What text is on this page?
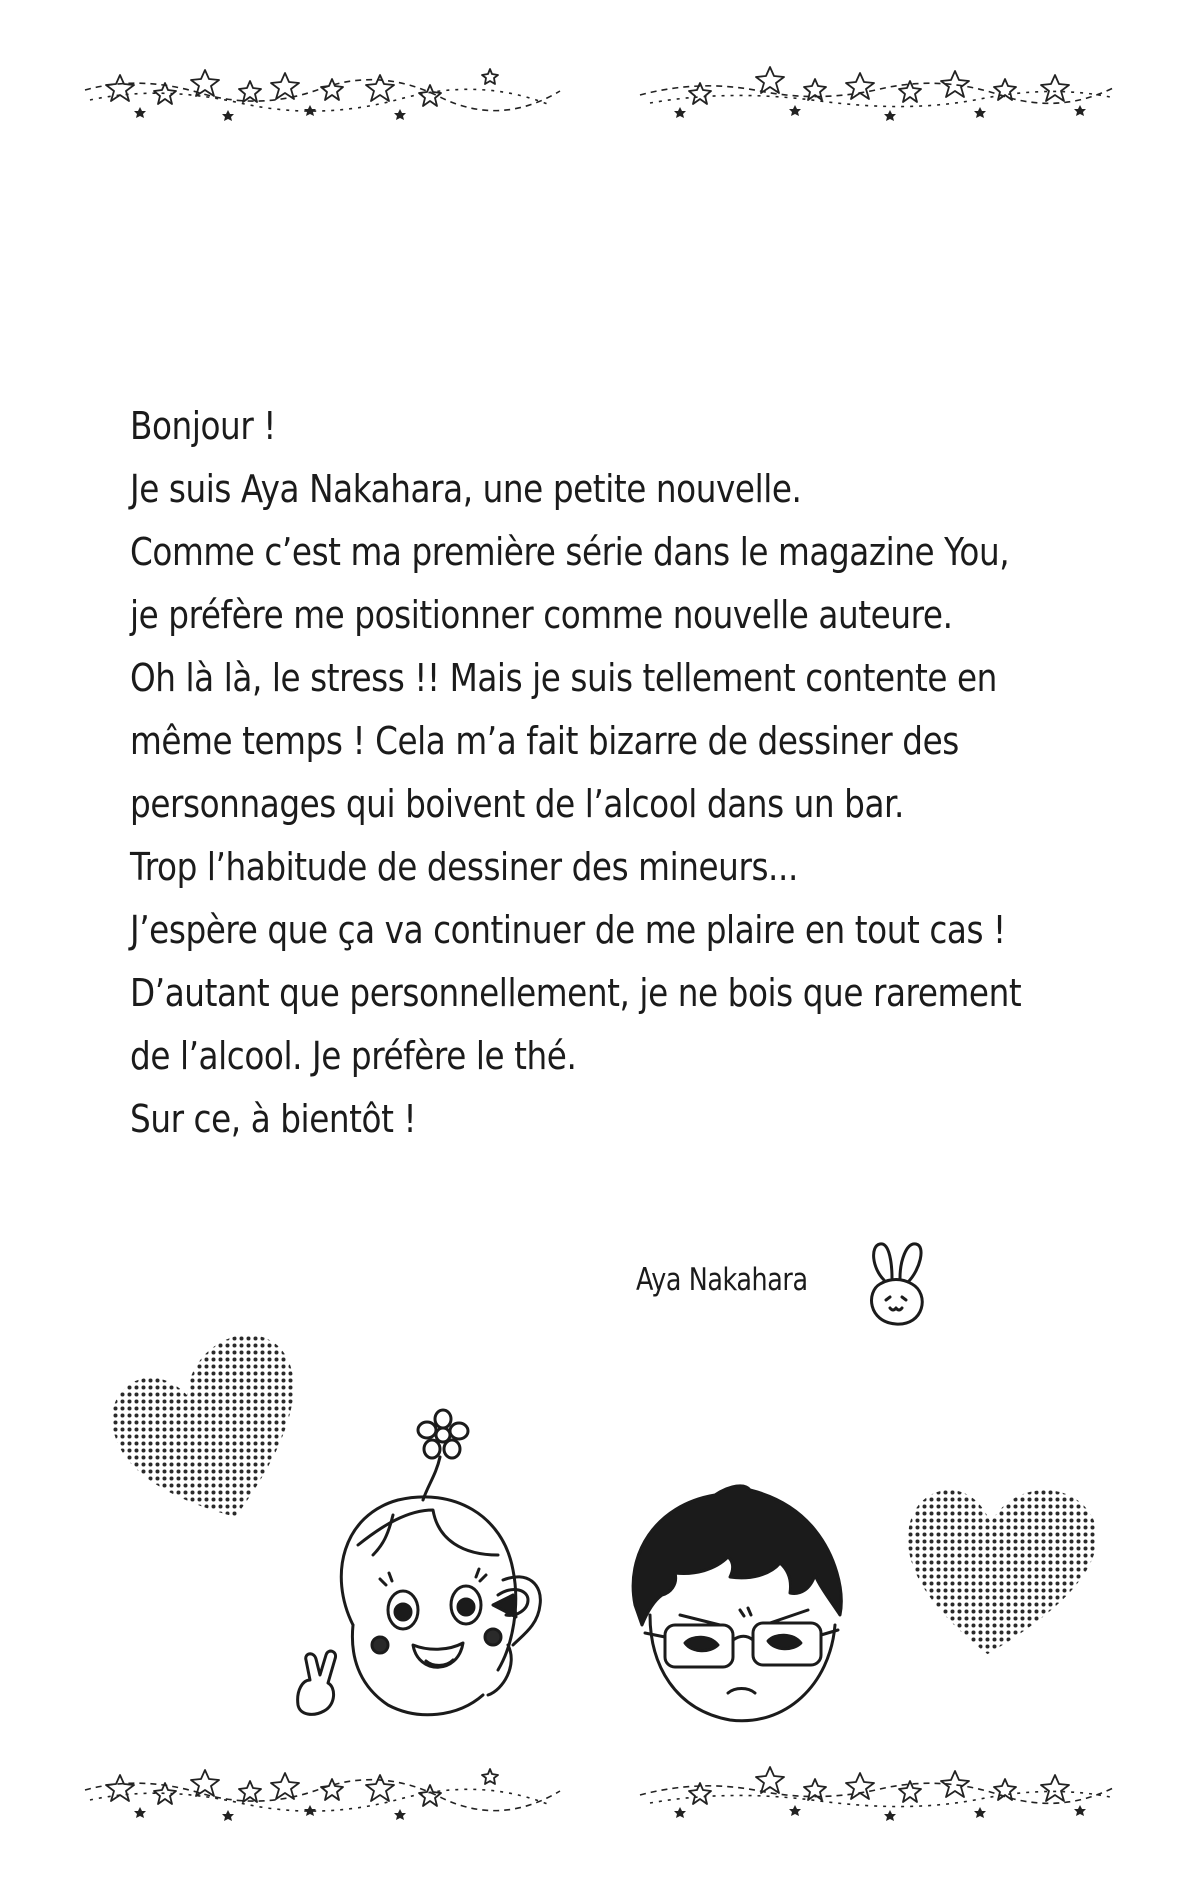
Bonjour !
Je suis Aya Nakahara, une petite nouvelle.
Comme c’est ma première série dans le magazine You,
je préfère me positionner comme nouvelle auteure.
Oh là là, le stress !! Mais je suis tellement contente en
même temps ! Cela m’a fait bizarre de dessiner des
personnages qui boivent de l’alcool dans un bar.
Trop l’habitude de dessiner des mineurs...
J’espère que ça va continuer de me plaire en tout cas !
D’autant que personnellement, je ne bois que rarement
de l’alcool. Je préfère le thé.
Sur ce, à bientôt !
Aya Nakahara
